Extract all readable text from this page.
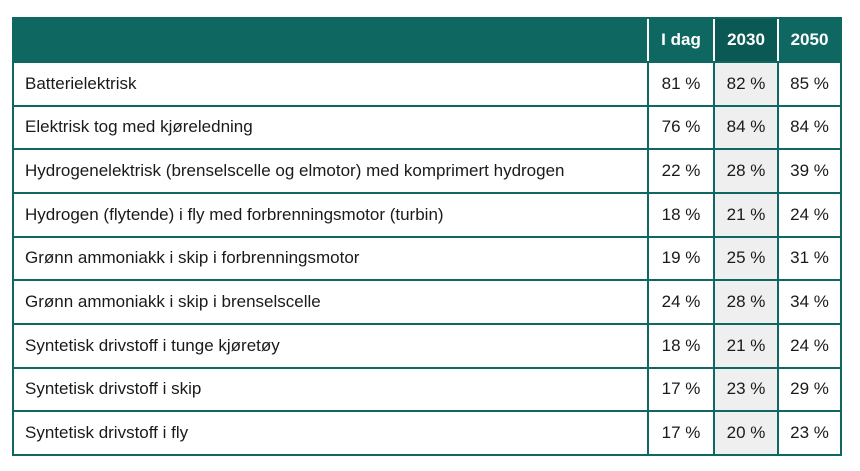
	I dag	2030	2050
Batterielektrisk	81 %	82 %	85 %
Elektrisk tog med kjøreledning	76 %	84 %	84 %
Hydrogenelektrisk (brenselscelle og elmotor) med komprimert hydrogen	22 %	28 %	39 %
Hydrogen (flytende) i fly med forbrenningsmotor (turbin)	18 %	21 %	24 %
Grønn ammoniakk i skip i forbrenningsmotor	19 %	25 %	31 %
Grønn ammoniakk i skip i brenselscelle	24 %	28 %	34 %
Syntetisk drivstoff i tunge kjøretøy	18 %	21 %	24 %
Syntetisk drivstoff i skip	17 %	23 %	29 %
Syntetisk drivstoff i fly	17 %	20 %	23 %
